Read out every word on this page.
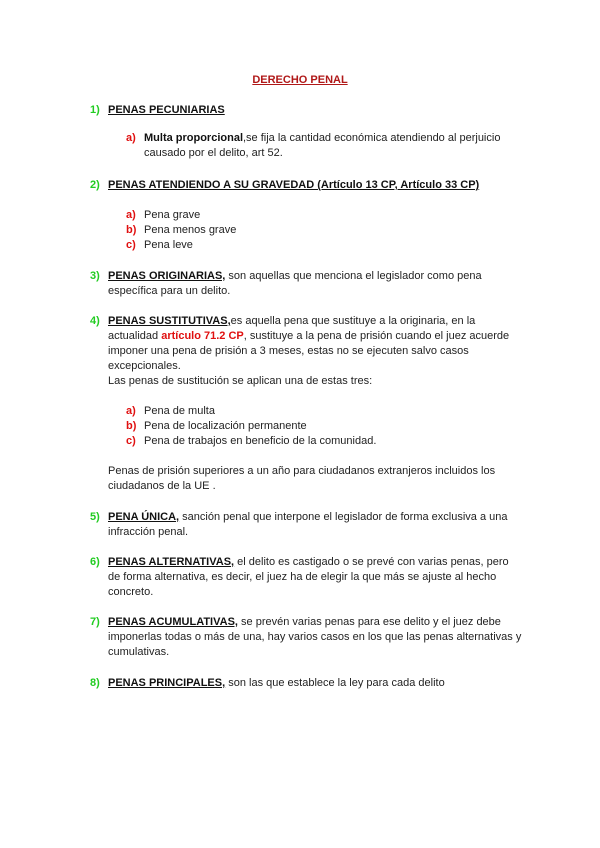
DERECHO PENAL
1) PENAS PECUNIARIAS
a) Multa proporcional,se fija la cantidad económica atendiendo al perjuicio causado por el delito, art 52.
2) PENAS ATENDIENDO A SU GRAVEDAD (Artículo 13 CP, Artículo 33 CP)
a) Pena grave
b) Pena menos grave
c) Pena leve
3) PENAS ORIGINARIAS, son aquellas que menciona el legislador como pena específica para un delito.
4) PENAS SUSTITUTIVAS,es aquella pena que sustituye a la originaria, en la actualidad artículo 71.2 CP, sustituye a la pena de prisión cuando el juez acuerde imponer una pena de prisión a 3 meses, estas no se ejecuten salvo casos excepcionales.
Las penas de sustitución se aplican una de estas tres:
a) Pena de multa
b) Pena de localización permanente
c) Pena de trabajos en beneficio de la comunidad.
Penas de prisión superiores a un año para ciudadanos extranjeros incluidos los ciudadanos de la UE .
5) PENA ÚNICA, sanción penal que interpone el legislador de forma exclusiva a una infracción penal.
6) PENAS ALTERNATIVAS, el delito es castigado o se prevé con varias penas, pero de forma alternativa, es decir, el juez ha de elegir la que más se ajuste al hecho concreto.
7) PENAS ACUMULATIVAS, se prevén varias penas para ese delito y el juez debe imponerlas todas o más de una, hay varios casos en los que las penas alternativas y cumulativas.
8) PENAS PRINCIPALES, son las que establece la ley para cada delito
